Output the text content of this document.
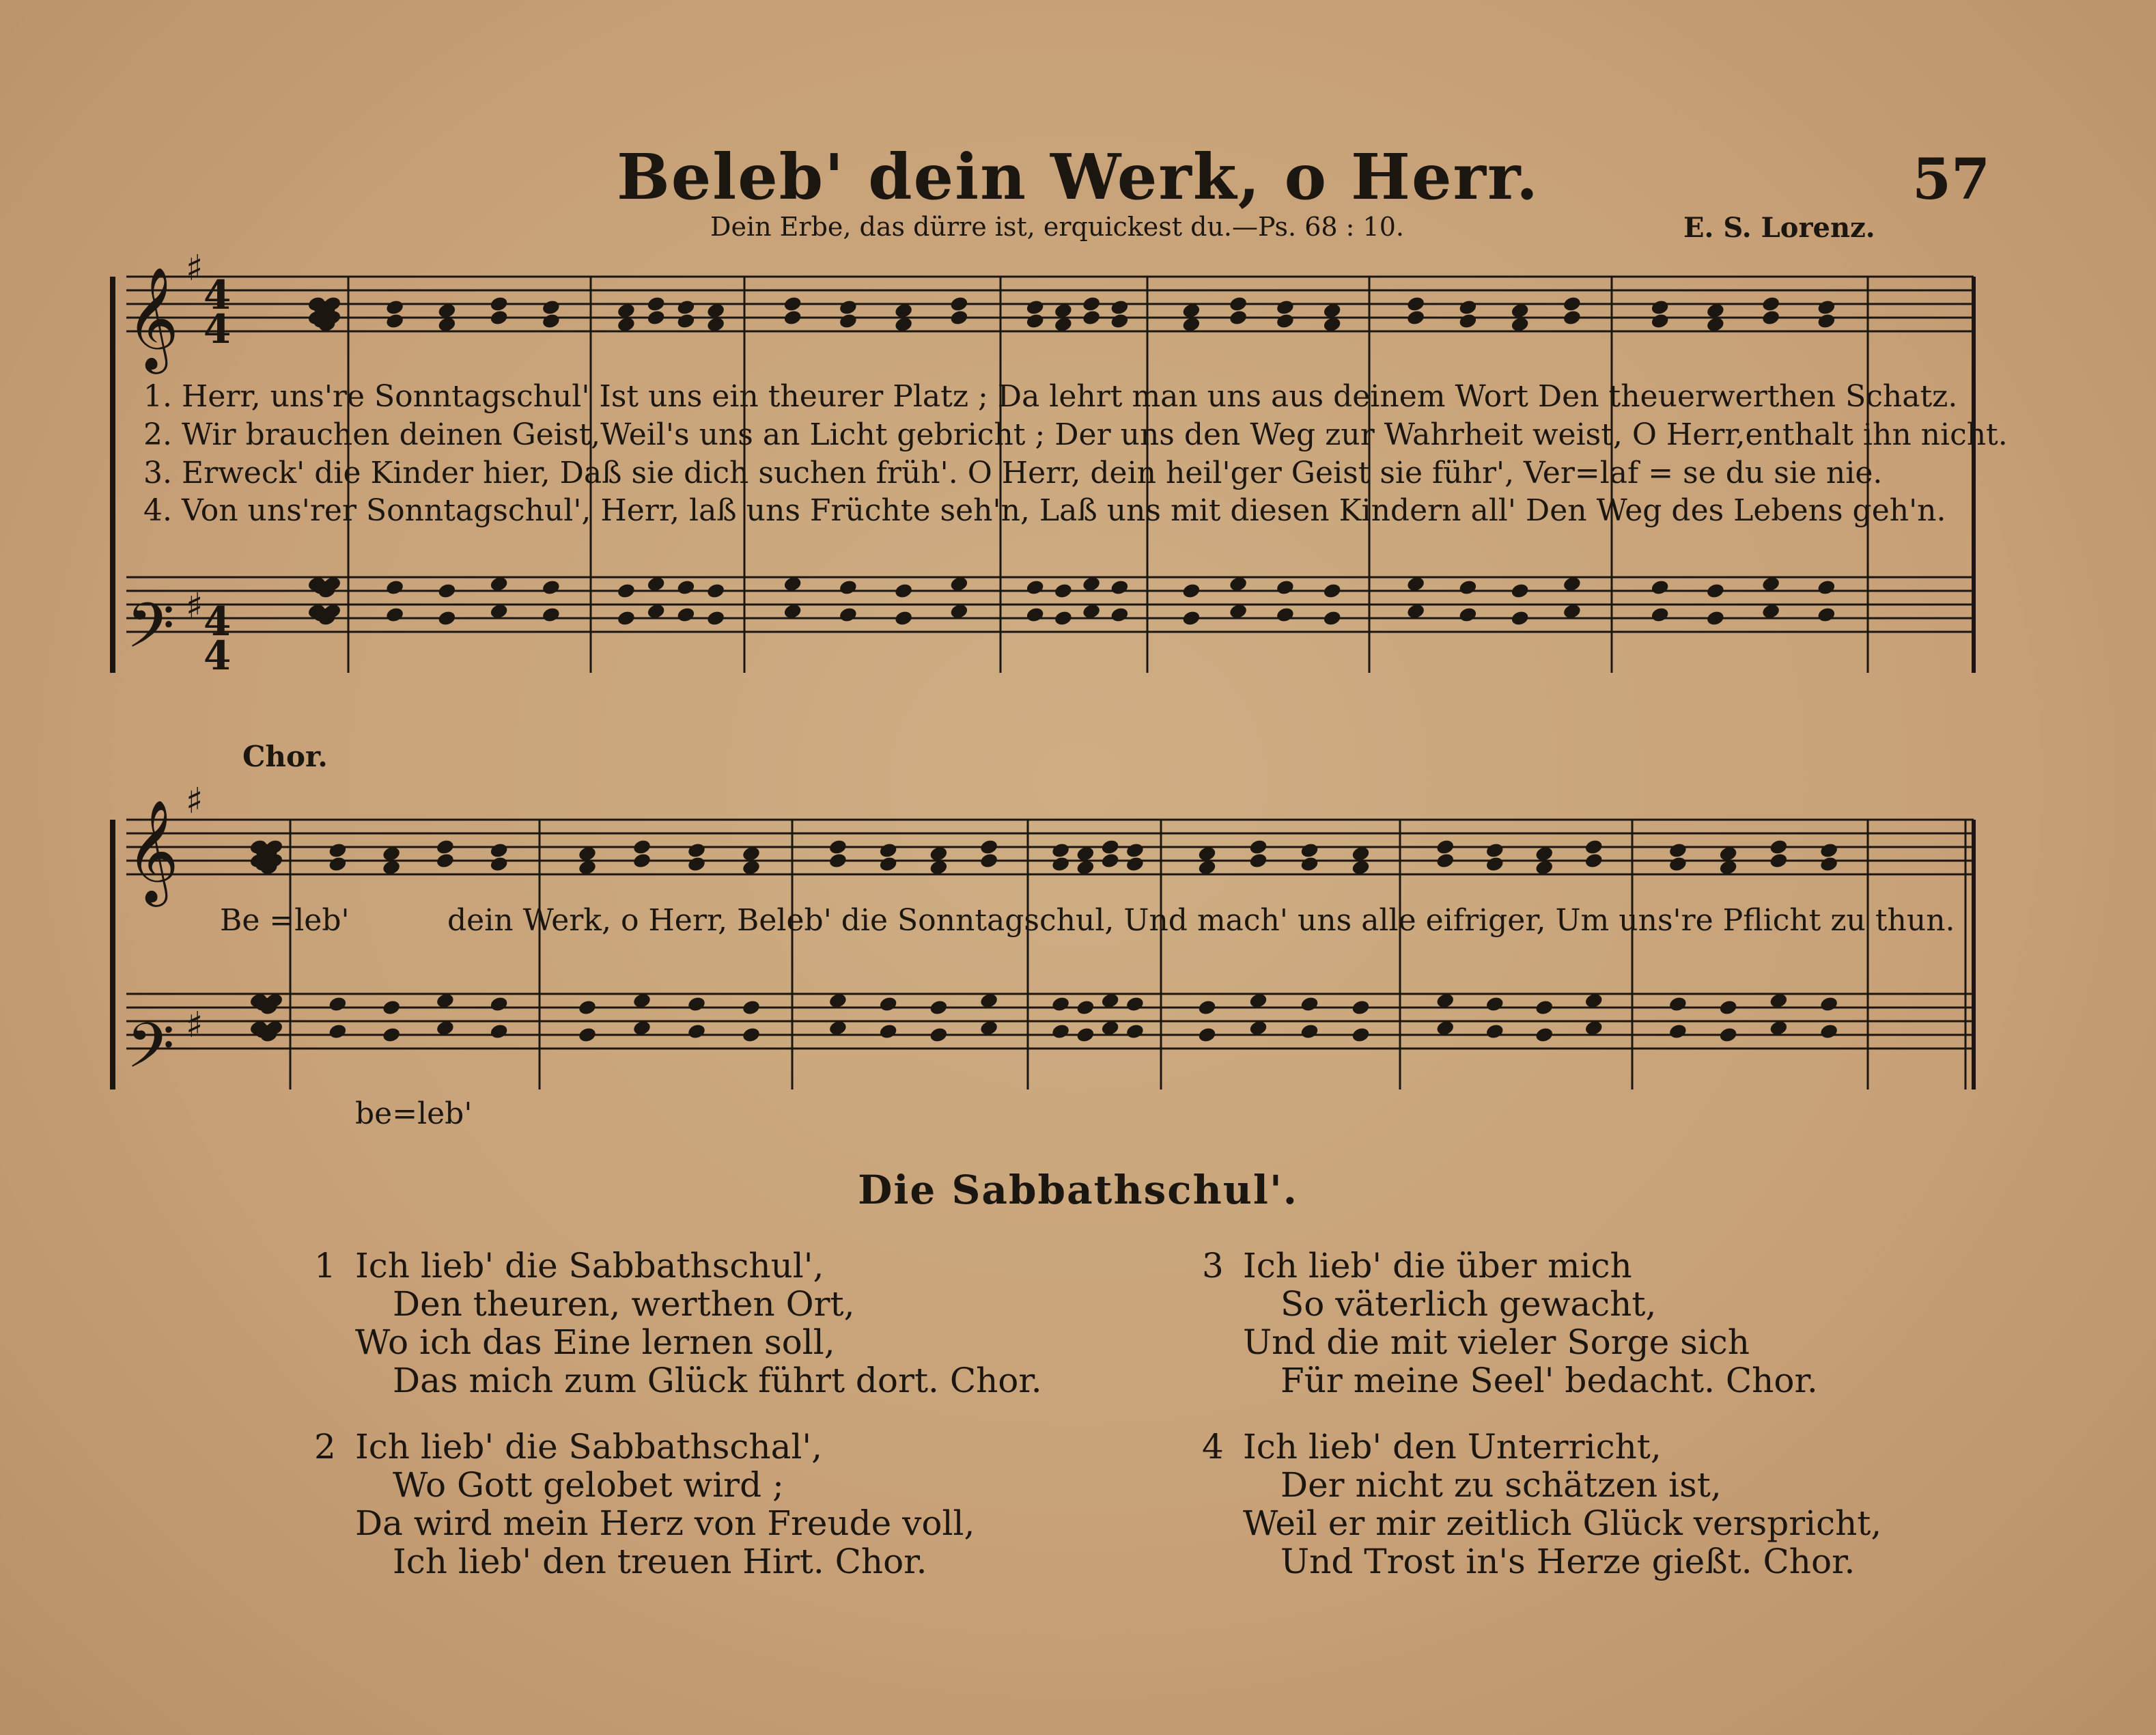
Beleb' dein Werk, o Herr.	57
Dein Erbe, das dürre ist, erquickest du.—Ps. 68 : 10.	E. S. Lorenz.
𝄞
𝄞
𝄢
𝄢
♯
♯
♯
♯
4
4
4
4
1. Herr, uns're Sonntagschul' Ist uns ein theurer Platz ; Da lehrt man uns aus deinem Wort Den theuerwerthen Schatz.
2. Wir brauchen deinen Geist,Weil's uns an Licht gebricht ; Der uns den Weg zur Wahrheit weist, O Herr,enthalt ihn nicht.
3. Erweck' die Kinder hier, Daß sie dich suchen früh'. O Herr, dein heil'ger Geist sie führ', Ver=laf = se du sie nie.
4. Von uns'rer Sonntagschul', Herr, laß uns Früchte seh'n, Laß uns mit diesen Kindern all' Den Weg des Lebens geh'n.
Chor.
Be =leb'	dein Werk, o Herr, Beleb' die Sonntagschul, Und mach' uns alle eifriger, Um uns're Pflicht zu thun.
be=leb'
Die Sabbathschul'.
1 Ich lieb' die Sabbathschul',
Den theuren, werthen Ort,
Wo ich das Eine lernen soll,
Das mich zum Glück führt dort. Chor.
2 Ich lieb' die Sabbathschal',
Wo Gott gelobet wird ;
Da wird mein Herz von Freude voll,
Ich lieb' den treuen Hirt. Chor.
3 Ich lieb' die über mich
So väterlich gewacht,
Und die mit vieler Sorge sich
Für meine Seel' bedacht. Chor.
4 Ich lieb' den Unterricht,
Der nicht zu schätzen ist,
Weil er mir zeitlich Glück verspricht,
Und Trost in's Herze gießt. Chor.
